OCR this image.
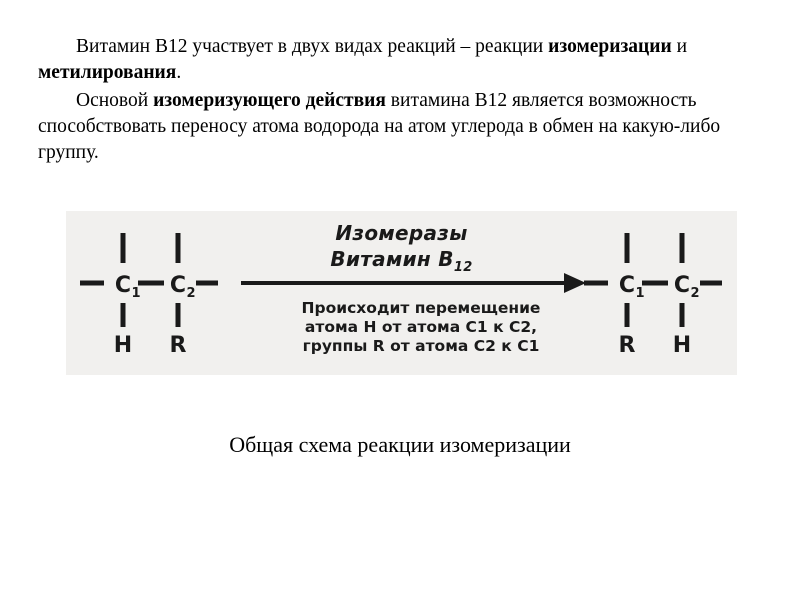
Витамин В12 участвует в двух видах реакций – реакции изомеризации и метилирования.

Основой изомеризующего действия витамина В12 является возможность способствовать переносу атома водорода на атом углерода в обмен на какую-либо группу.

C 1 C 2
H R
C 1 C 2
R H
Изомеразы
Витамин $В_{12}$
Происходит перемещение
атома Н от атома С1 к С2,
группы R от атома С2 к С1
Общая схема реакции изомеризации
